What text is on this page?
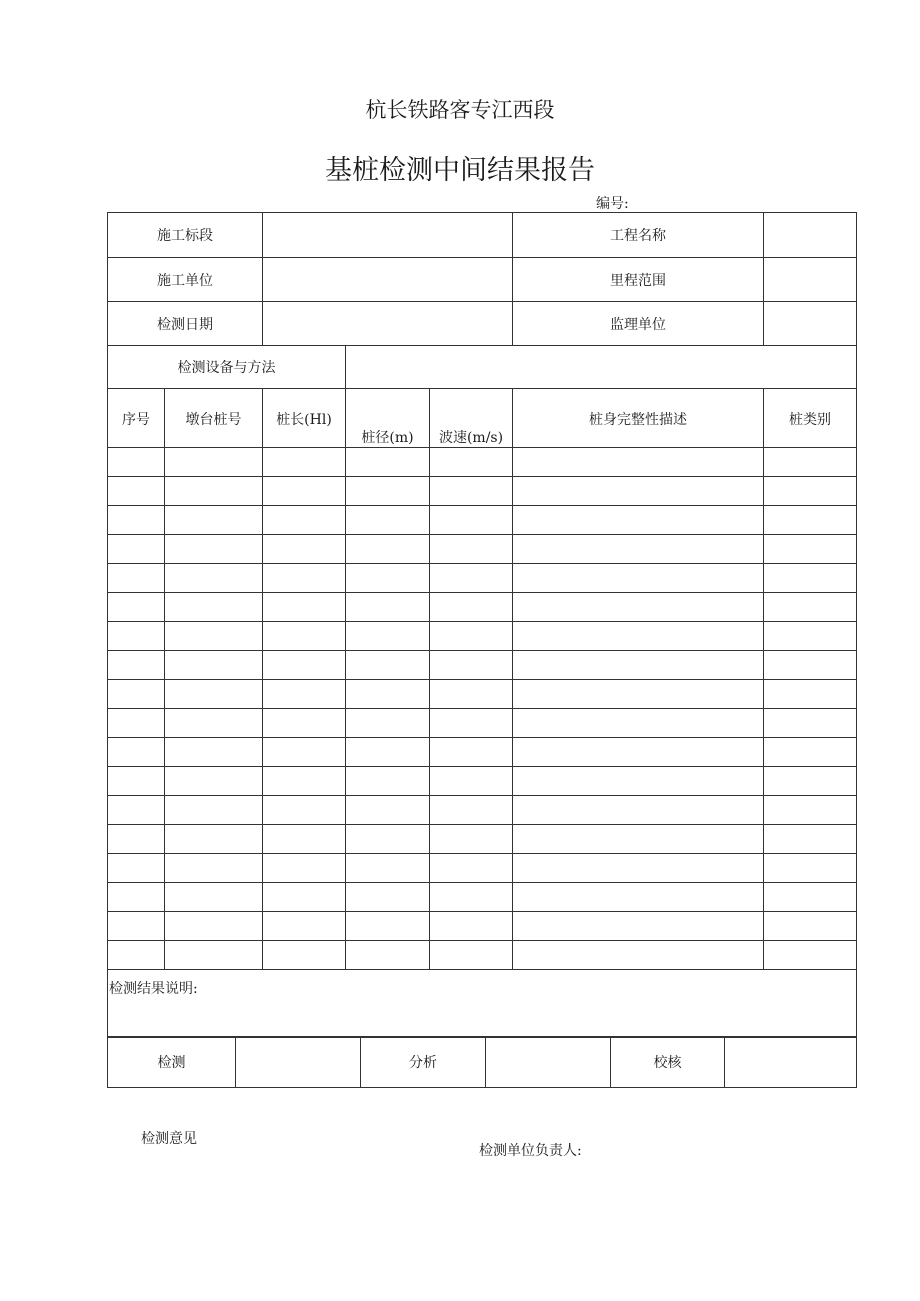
杭长铁路客专江西段
基桩检测中间结果报告
编号:
施工标段					工程名称	
施工单位					里程范围	
检测日期					监理单位	
检测设备与方法						
序号	墩台桩号	桩长(Hl)	桩径(m)	波速(m/s)	桩身完整性描述	桩类别

检测结果说明:						
检测		分析		校核	
检测意见
检测单位负责人:
